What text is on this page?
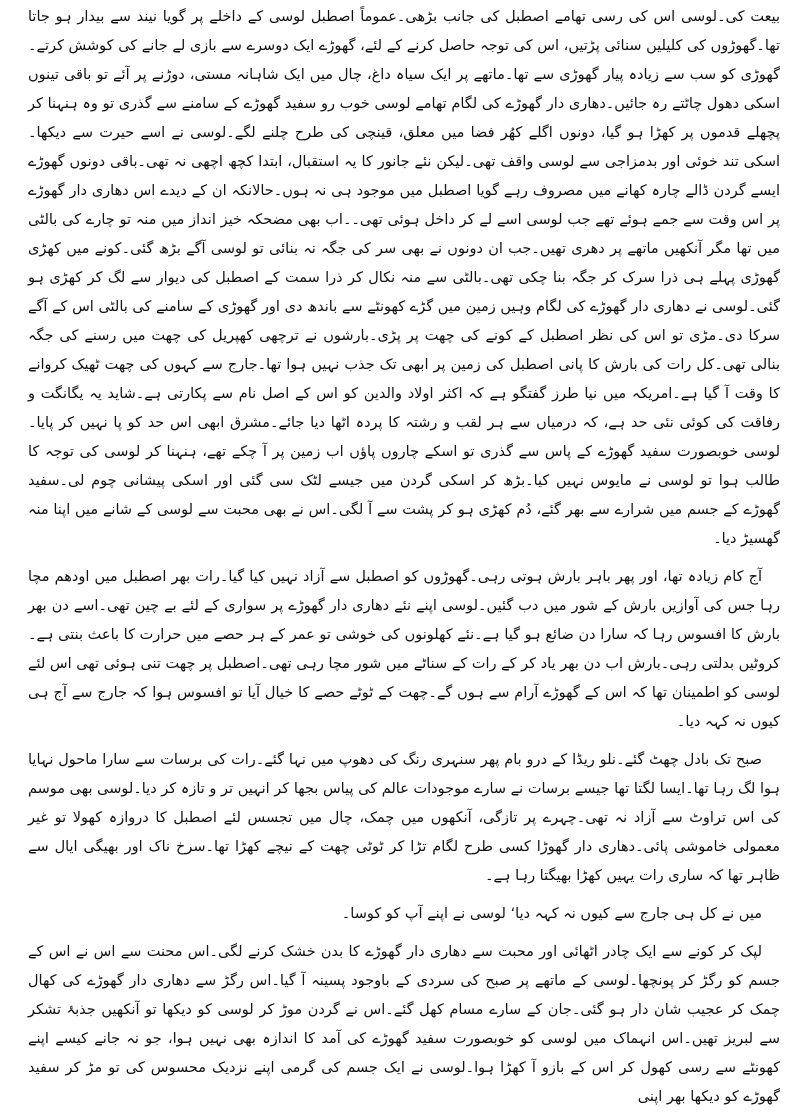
بیعت کی۔لوسی اس کی رسی تھامے اصطبل کی جانب بڑھی۔عموماً اصطبل لوسی کے داخلے پر گویا نیند سے بیدار ہو جاتا تھا۔گھوڑوں کی کلیلیں سنائی پڑتیں، اس کی توجہ حاصل کرنے کے لئے، گھوڑے ایک دوسرے سے بازی لے جانے کی کوشش کرتے۔گھوڑی کو سب سے زیادہ پیار گھوڑی سے تھا۔ماتھے پر ایک سیاہ داغ، چال میں ایک شاہانہ مستی، دوڑنے پر آئے تو باقی تینوں اسکی دھول چاٹتے رہ جائیں۔دھاری دار گھوڑے کی لگام تھامے لوسی خوب رو سفید گھوڑے کے سامنے سے گذری تو وہ ہنہنا کر پچھلے قدموں پر کھڑا ہو گیا، دونوں اگلے کھُر فضا میں معلق، قینچی کی طرح چلنے لگے۔لوسی نے اسے حیرت سے دیکھا۔اسکی تند خوئی اور بدمزاجی سے لوسی واقف تھی۔لیکن نئے جانور کا یہ استقبال، ابتدا کچھ اچھی نہ تھی۔باقی دونوں گھوڑے ایسے گردن ڈالے چارہ کھانے میں مصروف رہے گویا اصطبل میں موجود ہی نہ ہوں۔حالانکہ ان کے دیدے اس دھاری دار گھوڑے پر اس وقت سے جمے ہوئے تھے جب لوسی اسے لے کر داخل ہوئی تھی۔۔اب بھی مضحکہ خیز انداز میں منہ تو چارے کی بالٹی میں تھا مگر آنکھیں ماتھے پر دھری تھیں۔جب ان دونوں نے بھی سر کی جگہ نہ بنائی تو لوسی آگے بڑھ گئی۔کونے میں کھڑی گھوڑی پہلے ہی ذرا سرک کر جگہ بنا چکی تھی۔بالٹی سے منہ نکال کر ذرا سمت کے اصطبل کی دیوار سے لگ کر کھڑی ہو گئی۔لوسی نے دھاری دار گھوڑے کی لگام وہیں زمین میں گڑے کھونٹے سے باندھ دی اور گھوڑی کے سامنے کی بالٹی اس کے آگے سرکا دی۔مڑی تو اس کی نظر اصطبل کے کونے کی چھت پر پڑی۔بارشوں نے ترچھی کھپریل کی چھت میں رسنے کی جگہ بنالی تھی۔کل رات کی بارش کا پانی اصطبل کی زمین پر ابھی تک جذب نہیں ہوا تھا۔جارج سے کہوں کی چھت ٹھیک کروانے کا وقت آ گیا ہے۔امریکہ میں نیا طرز گفتگو ہے کہ اکثر اولاد والدین کو اس کے اصل نام سے پکارتی ہے۔شاید یہ یگانگت و رفاقت کی کوئی نئی حد ہے، کہ درمیاں سے ہر لقب و رشتہ کا پردہ اٹھا دیا جائے۔مشرق ابھی اس حد کو پا نہیں کر پایا۔لوسی خوبصورت سفید گھوڑے کے پاس سے گذری تو اسکے چاروں پاؤں اب زمین پر آ چکے تھے، ہنہنا کر لوسی کی توجہ کا طالب ہوا تو لوسی نے مایوس نہیں کیا۔بڑھ کر اسکی گردن میں جیسے لٹک سی گئی اور اسکی پیشانی چوم لی۔سفید گھوڑے کے جسم میں شرارے سے بھر گئے، دُم کھڑی ہو کر پشت سے آ لگی۔اس نے بھی محبت سے لوسی کے شانے میں اپنا منہ گھسیڑ دیا۔

آج کام زیادہ تھا، اور پھر باہر بارش ہوتی رہی۔گھوڑوں کو اصطبل سے آزاد نہیں کیا گیا۔رات بھر اصطبل میں اودھم مچا رہا جس کی آوازیں بارش کے شور میں دب گئیں۔لوسی اپنے نئے دھاری دار گھوڑے پر سواری کے لئے بے چین تھی۔اسے دن بھر بارش کا افسوس رہا کہ سارا دن ضائع ہو گیا ہے۔نئے کھلونوں کی خوشی تو عمر کے ہر حصے میں حرارت کا باعث بنتی ہے۔کروٹیں بدلتی رہی۔بارش اب دن بھر یاد کر کے رات کے سناٹے میں شور مچا رہی تھی۔اصطبل پر چھت تنی ہوئی تھی اس لئے لوسی کو اطمینان تھا کہ اس کے گھوڑے آرام سے ہوں گے۔چھت کے ٹوٹے حصے کا خیال آیا تو افسوس ہوا کہ جارج سے آج ہی کیوں نہ کہہ دیا۔

صبح تک بادل چھٹ گئے۔نلو ریڈا کے درو بام پھر سنہری رنگ کی دھوپ میں نہا گئے۔رات کی برسات سے سارا ماحول نہایا ہوا لگ رہا تھا۔ایسا لگتا تھا جیسے برسات نے سارے موجودات عالم کی پیاس بجھا کر انہیں تر و تازہ کر دیا۔لوسی بھی موسم کی اس تراوٹ سے آزاد نہ تھی۔چہرے پر تازگی، آنکھوں میں چمک، چال میں تجسس لئے اصطبل کا دروازہ کھولا تو غیر معمولی خاموشی پائی۔دھاری دار گھوڑا کسی طرح لگام تڑا کر ٹوٹی چھت کے نیچے کھڑا تھا۔سرخ ناک اور بھیگی ایال سے ظاہر تھا کہ ساری رات یہیں کھڑا بھیگتا رہا ہے۔

میں نے کل ہی جارج سے کیوں نہ کہہ دیا‘ لوسی نے اپنے آپ کو کوسا۔

لپک کر کونے سے ایک چادر اٹھائی اور محبت سے دھاری دار گھوڑے کا بدن خشک کرنے لگی۔اس محنت سے اس نے اس کے جسم کو رگڑ کر پونچھا۔لوسی کے ماتھے پر صبح کی سردی کے باوجود پسینہ آ گیا۔اس رگڑ سے دھاری دار گھوڑے کی کھال چمک کر عجیب شان دار ہو گئی۔جان کے سارے مسام کھل گئے۔اس نے گردن موڑ کر لوسی کو دیکھا تو آنکھیں جذبۂ تشکر سے لبریز تھیں۔اس انہماک میں لوسی کو خوبصورت سفید گھوڑے کی آمد کا اندازہ بھی نہیں ہوا، جو نہ جانے کیسے اپنے کھونٹے سے رسی کھول کر اس کے بازو آ کھڑا ہوا۔لوسی نے ایک جسم کی گرمی اپنے نزدیک محسوس کی تو مڑ کر سفید گھوڑے کو دیکھا بھر اپنی
